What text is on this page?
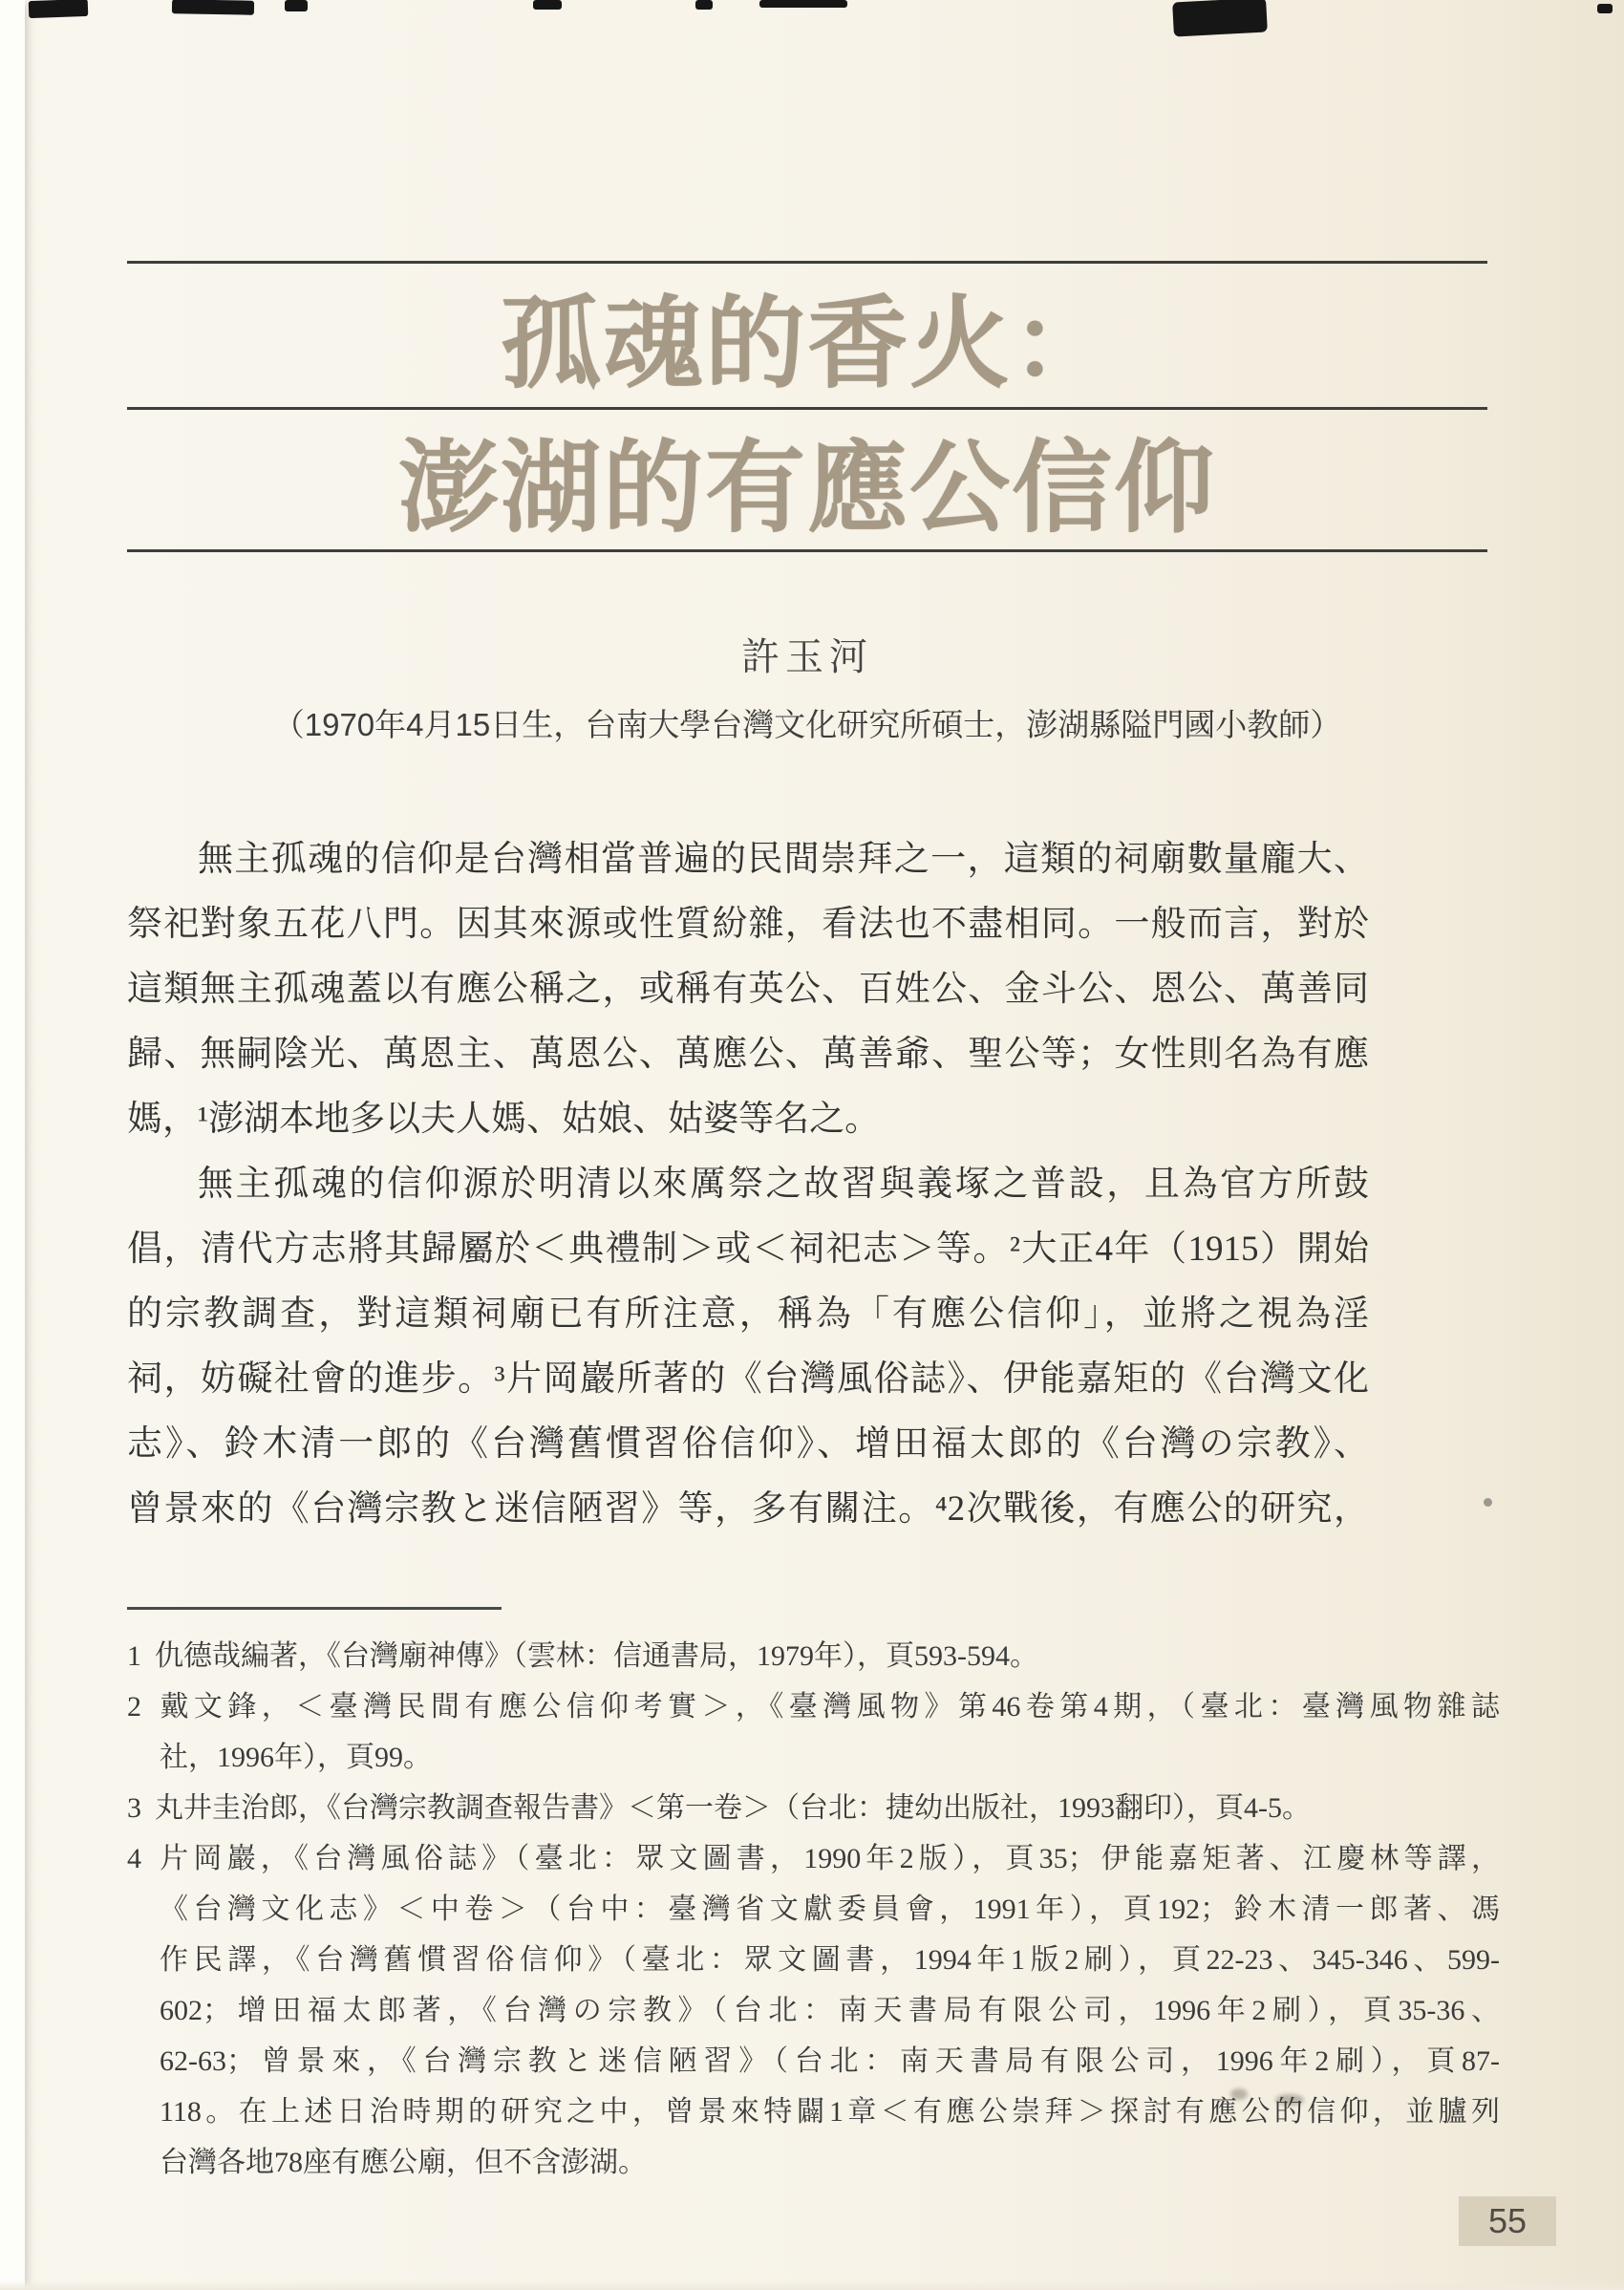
孤魂的香火：
澎湖的有應公信仰
許玉河
（1970年4月15日生，台南大學台灣文化研究所碩士，澎湖縣隘門國小教師）
無主孤魂的信仰是台灣相當普遍的民間崇拜之一，這類的祠廟數量龐大、
祭祀對象五花八門。因其來源或性質紛雜，看法也不盡相同。一般而言，對於
這類無主孤魂蓋以有應公稱之，或稱有英公、百姓公、金斗公、恩公、萬善同
歸、無嗣陰光、萬恩主、萬恩公、萬應公、萬善爺、聖公等；女性則名為有應
媽，¹澎湖本地多以夫人媽、姑娘、姑婆等名之。
無主孤魂的信仰源於明清以來厲祭之故習與義塚之普設，且為官方所鼓
倡，清代方志將其歸屬於＜典禮制＞或＜祠祀志＞等。²大正4年（1915）開始
的宗教調查，對這類祠廟已有所注意，稱為「有應公信仰」，並將之視為淫
祠，妨礙社會的進步。³片岡巖所著的《台灣風俗誌》、伊能嘉矩的《台灣文化
志》、鈴木清一郎的《台灣舊慣習俗信仰》、增田福太郎的《台灣の宗教》、
曾景來的《台灣宗教と迷信陋習》等，多有關注。⁴2次戰後，有應公的研究，
1 仇德哉編著，《台灣廟神傳》（雲林：信通書局，1979年），頁593-594。
2 戴文鋒，＜臺灣民間有應公信仰考實＞，《臺灣風物》第46卷第4期，（臺北：臺灣風物雜誌
社，1996年），頁99。
3 丸井圭治郎，《台灣宗教調查報告書》＜第一卷＞（台北：捷幼出版社，1993翻印），頁4-5。
4 片岡巖，《台灣風俗誌》（臺北：眾文圖書，1990年2版），頁35；伊能嘉矩著、江慶林等譯，
《台灣文化志》＜中卷＞（台中：臺灣省文獻委員會，1991年），頁192；鈴木清一郎著、馮
作民譯，《台灣舊慣習俗信仰》（臺北：眾文圖書，1994年1版2刷），頁22-23、345-346、599-
602；增田福太郎著，《台灣の宗教》（台北：南天書局有限公司，1996年2刷），頁35-36、
62-63；曾景來，《台灣宗教と迷信陋習》（台北：南天書局有限公司，1996年2刷），頁87-
118。在上述日治時期的研究之中，曾景來特闢1章＜有應公崇拜＞探討有應公的信仰，並臚列
台灣各地78座有應公廟，但不含澎湖。
55
